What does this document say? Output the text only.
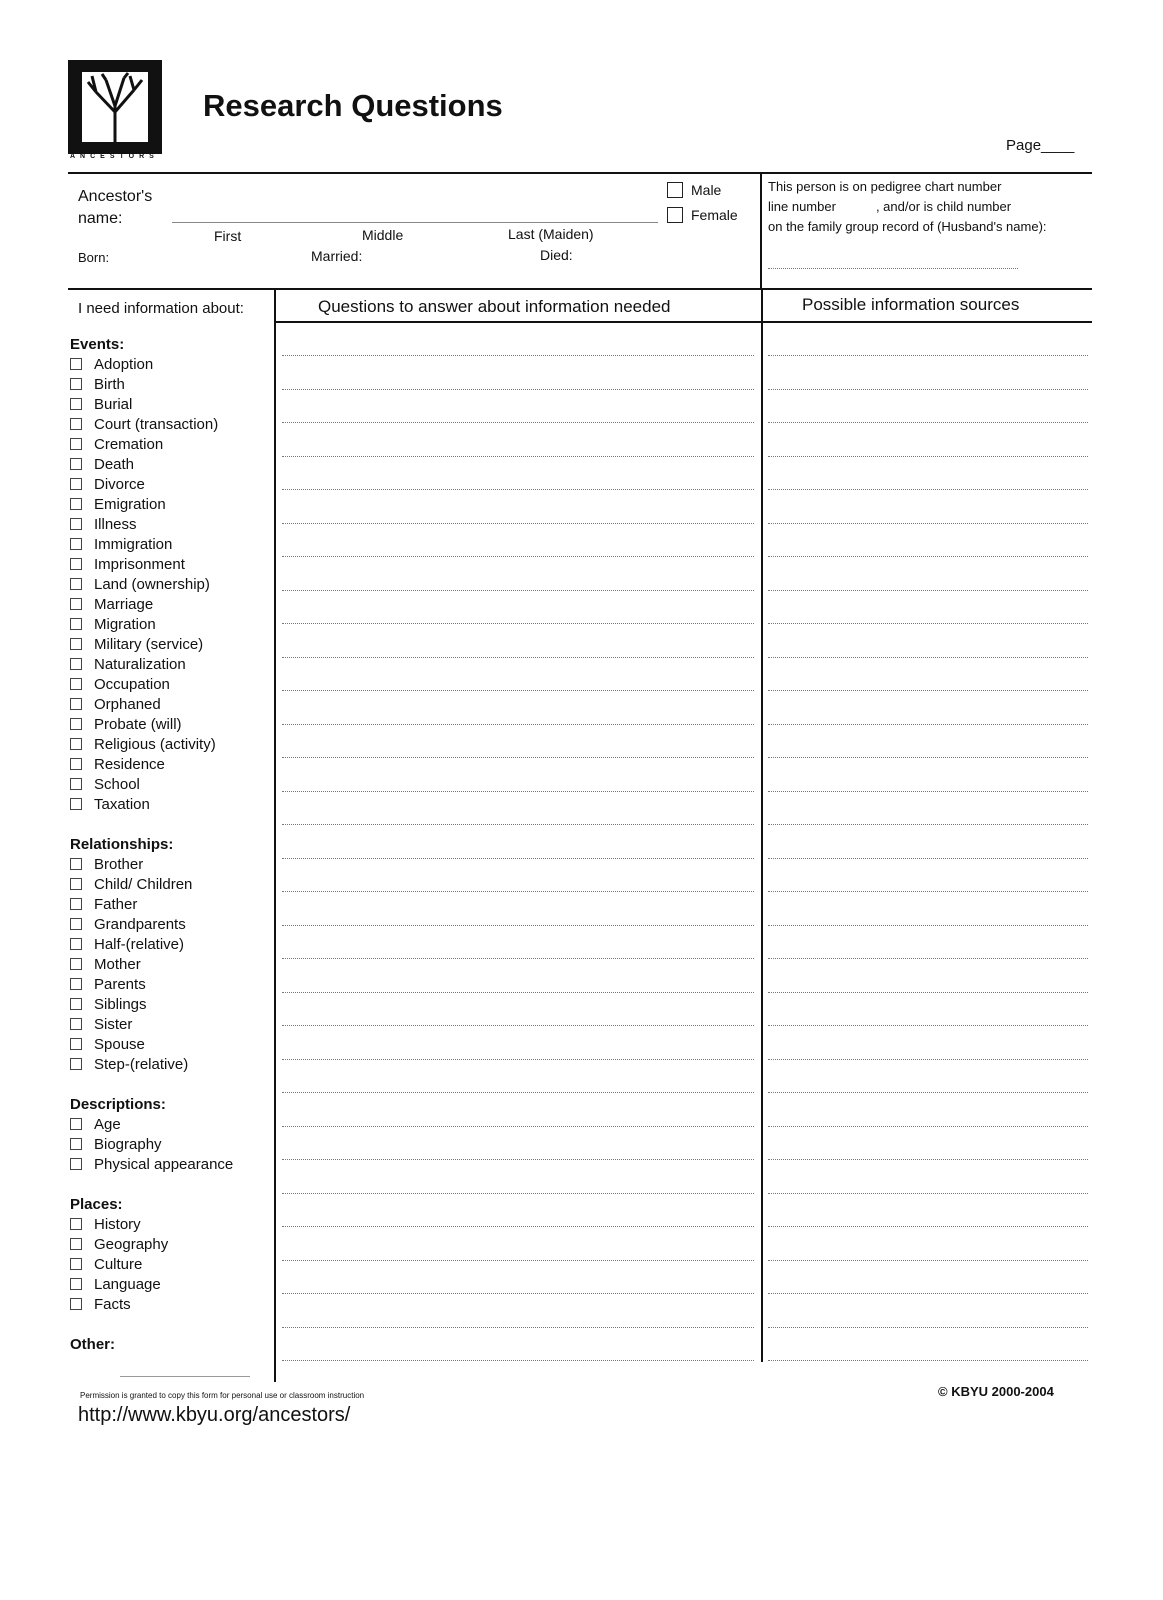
ANCESTORS
Research Questions
Page____
Ancestor's
name:
First	Middle	Last (Maiden)
Born:	Married:	Died:
Male
Female
This person is on pedigree chart number
line number	, and/or is child number
on the family group record of (Husband's name):
I need information about:	Questions to answer about information needed	Possible information sources
Events:
Adoption
Birth
Burial
Court (transaction)
Cremation
Death
Divorce
Emigration
Illness
Immigration
Imprisonment
Land (ownership)
Marriage
Migration
Military (service)
Naturalization
Occupation
Orphaned
Probate (will)
Religious (activity)
Residence
School
Taxation
Relationships:
Brother
Child/ Children
Father
Grandparents
Half-(relative)
Mother
Parents
Siblings
Sister
Spouse
Step-(relative)
Descriptions:
Age
Biography
Physical appearance
Places:
History
Geography
Culture
Language
Facts
Other:
Permission is granted to copy this form for personal use or classroom instruction
http://www.kbyu.org/ancestors/
© KBYU 2000-2004
